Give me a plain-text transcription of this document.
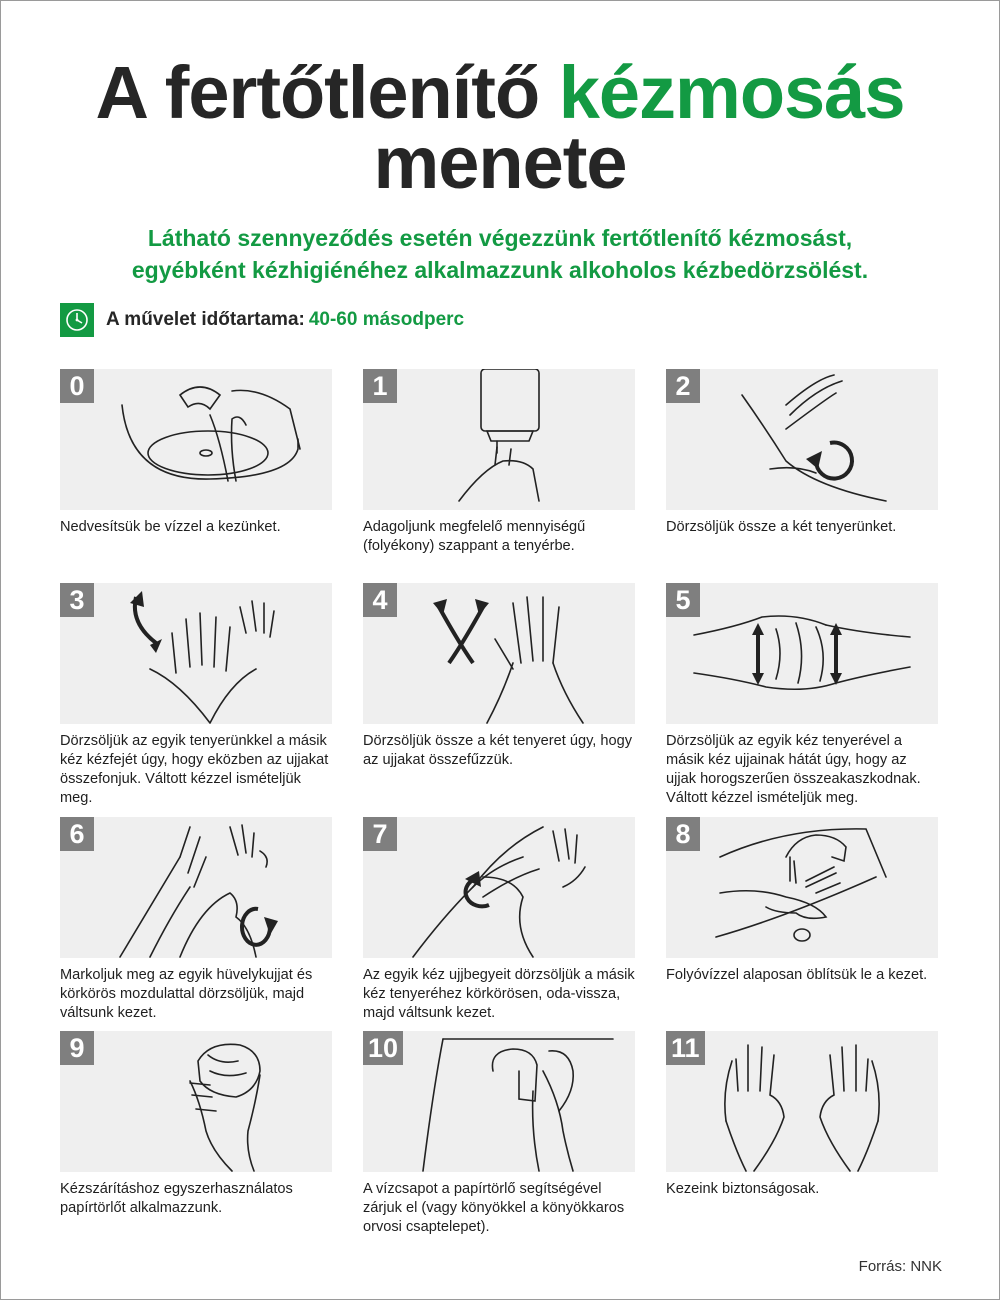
A fertőtlenítő kézmosás
menete
Látható szennyeződés esetén végezzünk fertőtlenítő kézmosást,
egyébként kézhigiénéhez alkalmazzunk alkoholos kézbedörzsölést.
A művelet időtartama: 40-60 másodperc
0
Nedvesítsük be vízzel a kezünket.
1
Adagoljunk megfelelő mennyiségű (folyékony) szappant a tenyérbe.
2
Dörzsöljük össze a két tenyerünket.
3
Dörzsöljük az egyik tenyerünkkel a másik kéz kézfejét úgy, hogy eközben az ujjakat összefonjuk. Váltott kézzel ismételjük meg.
4
Dörzsöljük össze a két tenyeret úgy, hogy az ujjakat összefűzzük.
5
Dörzsöljük az egyik kéz tenyerével a másik kéz ujjainak hátát úgy, hogy az ujjak horogszerűen összeakaszkodnak. Váltott kézzel ismételjük meg.
6
Markoljuk meg az egyik hüvelykujjat és körkörös mozdulattal dörzsöljük, majd váltsunk kezet.
7
Az egyik kéz ujjbegyeit dörzsöljük a másik kéz tenyeréhez körkörösen, oda-vissza, majd váltsunk kezet.
8
Folyóvízzel alaposan öblítsük le a kezet.
9
Kézszárításhoz egyszerhasználatos papírtörlőt alkalmazzunk.
10
A vízcsapot a papírtörlő segítségével zárjuk el (vagy könyökkel a könyökkaros orvosi csaptelepet).
11
Kezeink biztonságosak.
Forrás: NNK
